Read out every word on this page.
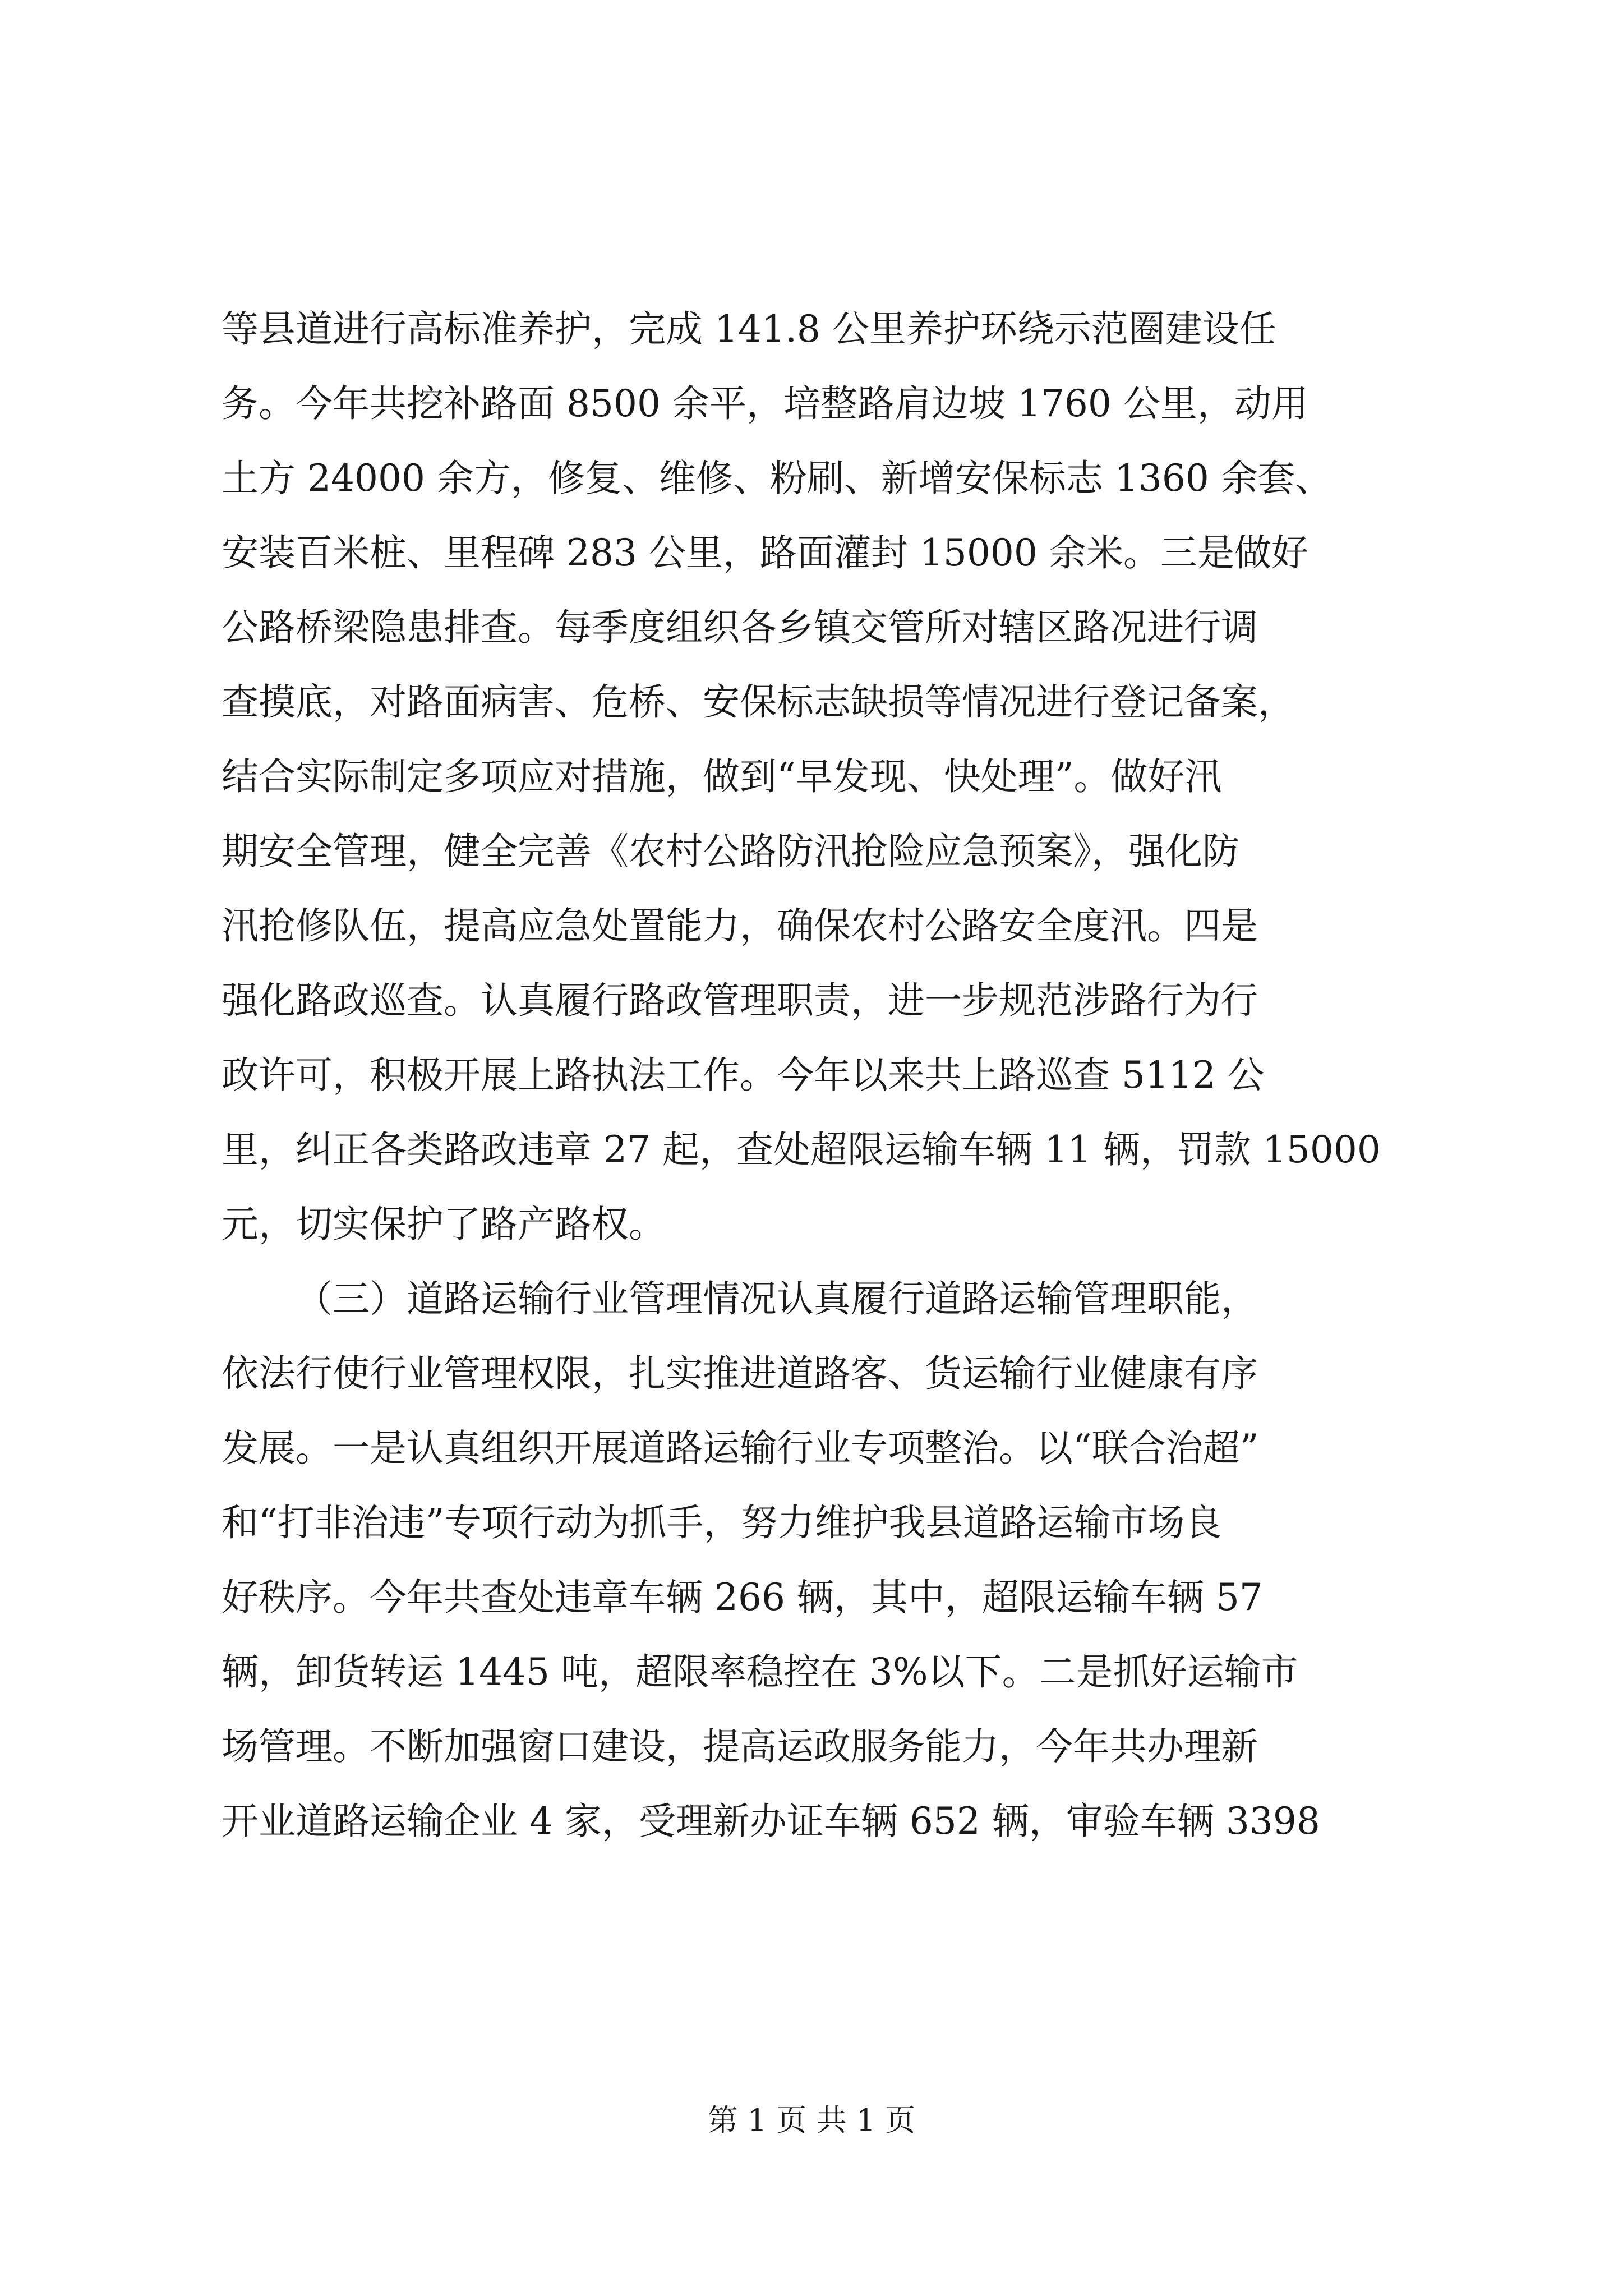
等县道进行高标准养护，完成 141.8 公里养护环绕示范圈建设任
务。今年共挖补路面 8500 余平，培整路肩边坡 1760 公里，动用
土方 24000 余方，修复、维修、粉刷、新增安保标志 1360 余套、
安装百米桩、里程碑 283 公里，路面灌封 15000 余米。三是做好
公路桥梁隐患排查。每季度组织各乡镇交管所对辖区路况进行调
查摸底，对路面病害、危桥、安保标志缺损等情况进行登记备案，
结合实际制定多项应对措施，做到“早发现、快处理”。做好汛
期安全管理，健全完善《农村公路防汛抢险应急预案》，强化防
汛抢修队伍，提高应急处置能力，确保农村公路安全度汛。四是
强化路政巡查。认真履行路政管理职责，进一步规范涉路行为行
政许可，积极开展上路执法工作。今年以来共上路巡查 5112 公
里，纠正各类路政违章 27 起，查处超限运输车辆 11 辆，罚款 15000
元，切实保护了路产路权。
（三）道路运输行业管理情况认真履行道路运输管理职能，
依法行使行业管理权限，扎实推进道路客、货运输行业健康有序
发展。一是认真组织开展道路运输行业专项整治。以“联合治超”
和“打非治违”专项行动为抓手，努力维护我县道路运输市场良
好秩序。今年共查处违章车辆 266 辆，其中，超限运输车辆 57
辆，卸货转运 1445 吨，超限率稳控在 3%以下。二是抓好运输市
场管理。不断加强窗口建设，提高运政服务能力，今年共办理新
开业道路运输企业 4 家，受理新办证车辆 652 辆，审验车辆 3398
第 1 页 共 1 页
